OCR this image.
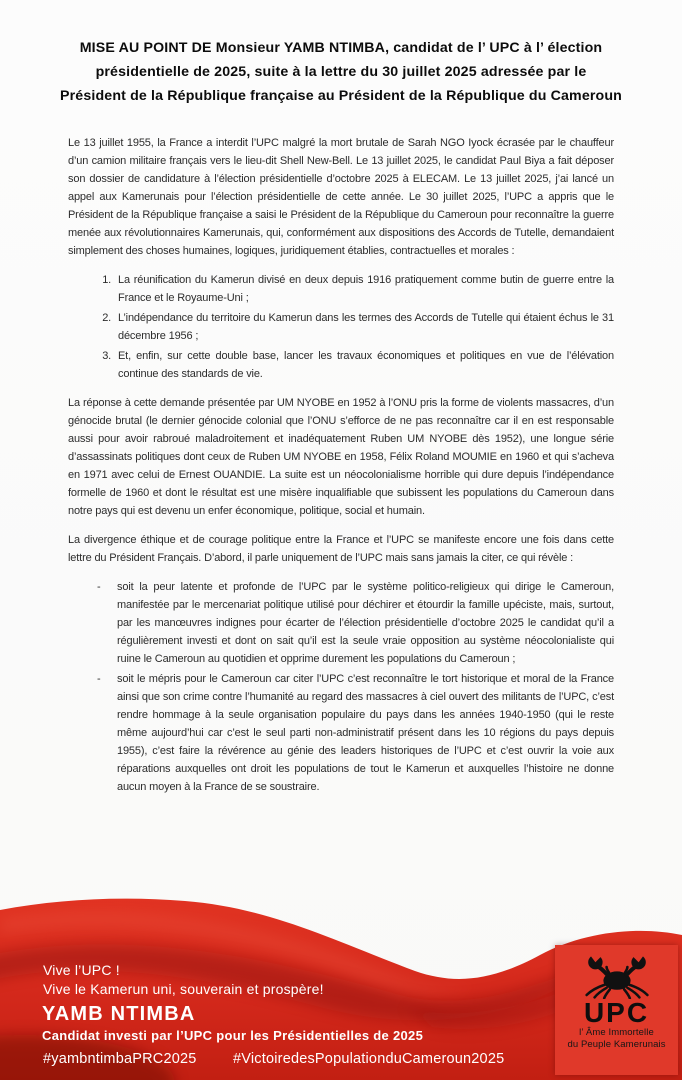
MISE AU POINT DE Monsieur YAMB NTIMBA, candidat de l’ UPC à l’ élection
présidentielle de 2025, suite à la lettre du 30 juillet 2025 adressée par le
Président de la République française au Président de la République du Cameroun

Le 13 juillet 1955, la France a interdit l’UPC malgré la mort brutale de Sarah NGO Iyock écrasée par le chauffeur d’un camion militaire français vers le lieu-dit Shell New-Bell. Le 13 juillet 2025, le candidat Paul Biya a fait déposer son dossier de candidature à l’élection présidentielle d’octobre 2025 à ELECAM. Le 13 juillet 2025, j’ai lancé un appel aux Kamerunais pour l’élection présidentielle de cette année. Le 30 juillet 2025, l’UPC a appris que le Président de la République française a saisi le Président de la République du Cameroun pour reconnaître la guerre menée aux révolutionnaires Kamerunais, qui, conformément aux dispositions des Accords de Tutelle, demandaient simplement des choses humaines, logiques, juridiquement établies, contractuelles et morales :

1. La réunification du Kamerun divisé en deux depuis 1916 pratiquement comme butin de guerre entre la France et le Royaume-Uni ;
2. L’indépendance du territoire du Kamerun dans les termes des Accords de Tutelle qui étaient échus le 31 décembre 1956 ;
3. Et, enfin, sur cette double base, lancer les travaux économiques et politiques en vue de l’élévation continue des standards de vie.

La réponse à cette demande présentée par UM NYOBE en 1952 à l’ONU pris la forme de violents massacres, d’un génocide brutal (le dernier génocide colonial que l’ONU s’efforce de ne pas reconnaître car il en est responsable aussi pour avoir rabroué maladroitement et inadéquatement Ruben UM NYOBE dès 1952), une longue série d’assassinats politiques dont ceux de Ruben UM NYOBE en 1958, Félix Roland MOUMIE en 1960 et qui s’acheva en 1971 avec celui de Ernest OUANDIE. La suite est un néocolonialisme horrible qui dure depuis l’indépendance formelle de 1960 et dont le résultat est une misère inqualifiable que subissent les populations du Cameroun dans notre pays qui est devenu un enfer économique, politique, social et humain.

La divergence éthique et de courage politique entre la France et l’UPC se manifeste encore une fois dans cette lettre du Président Français. D’abord, il parle uniquement de l’UPC mais sans jamais la citer, ce qui révèle :

- soit la peur latente et profonde de l’UPC par le système politico-religieux qui dirige le Cameroun, manifestée par le mercenariat politique utilisé pour déchirer et étourdir la famille upéciste, mais, surtout, par les manœuvres indignes pour écarter de l’élection présidentielle d’octobre 2025 le candidat qu’il a régulièrement investi et dont on sait qu’il est la seule vraie opposition au système néocolonialiste qui ruine le Cameroun au quotidien et opprime durement les populations du Cameroun ;
- soit le mépris pour le Cameroun car citer l’UPC c’est reconnaître le tort historique et moral de la France ainsi que son crime contre l’humanité au regard des massacres à ciel ouvert des militants de l’UPC, c’est rendre hommage à la seule organisation populaire du pays dans les années 1940-1950 (qui le reste même aujourd’hui car c’est le seul parti non-administratif présent dans les 10 régions du pays depuis 1955), c’est faire la révérence au génie des leaders historiques de l’UPC et c’est ouvrir la voie aux réparations auxquelles ont droit les populations de tout le Kamerun et auxquelles l’histoire ne donne aucun moyen à la France de se soustraire.
Vive l’UPC !
Vive le Kamerun uni, souverain et prospère!
YAMB NTIMBA
Candidat investi par l’UPC pour les Présidentielles de 2025
#yambntimbaPRC2025	#VictoiredesPopulationduCameroun2025
UPC
l’ Âme Immortelle
du Peuple Kamerunais
